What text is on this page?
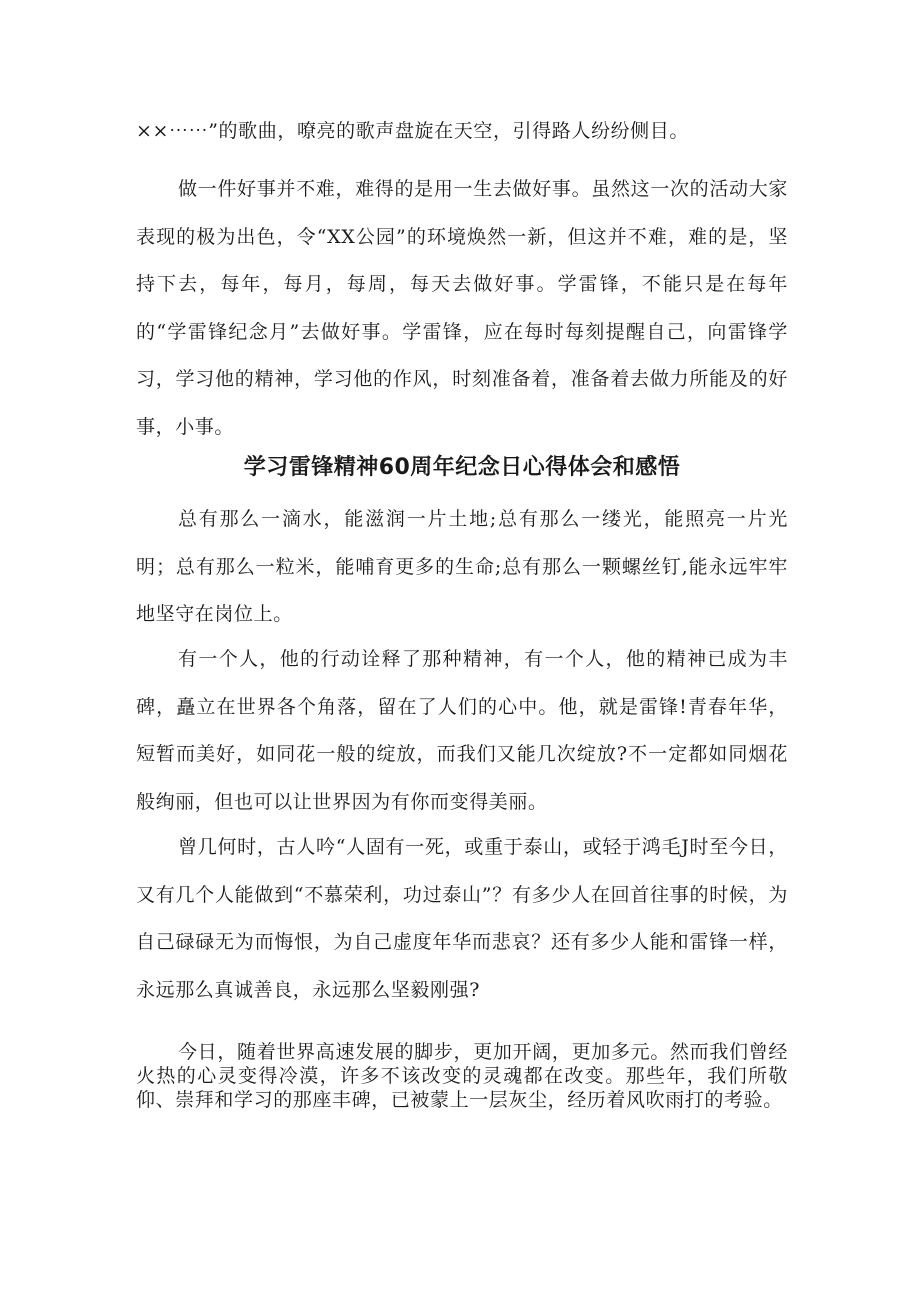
××⋯⋯”的歌曲，嘹亮的歌声盘旋在天空，引得路人纷纷侧目。

做一件好事并不难，难得的是用一生去做好事。虽然这一次的活动大家表现的极为出色，令“XX公园”的环境焕然一新，但这并不难，难的是，坚持下去，每年，每月，每周，每天去做好事。学雷锋，不能只是在每年的“学雷锋纪念月”去做好事。学雷锋，应在每时每刻提醒自己，向雷锋学习，学习他的精神，学习他的作风，时刻准备着，准备着去做力所能及的好事，小事。

学习雷锋精神60周年纪念日心得体会和感悟

总有那么一滴水，能滋润一片土地;总有那么一缕光，能照亮一片光明；总有那么一粒米，能哺育更多的生命;总有那么一颗螺丝钉,能永远牢牢地坚守在岗位上。

有一个人，他的行动诠释了那种精神，有一个人，他的精神已成为丰碑，矗立在世界各个角落，留在了人们的心中。他，就是雷锋!青春年华，短暂而美好，如同花一般的绽放，而我们又能几次绽放?不一定都如同烟花般绚丽，但也可以让世界因为有你而变得美丽。

曾几何时，古人吟“人固有一死，或重于泰山，或轻于鸿毛J时至今日，又有几个人能做到“不慕荣利，功过泰山”？有多少人在回首往事的时候，为自己碌碌无为而悔恨，为自己虚度年华而悲哀？还有多少人能和雷锋一样，永远那么真诚善良，永远那么坚毅刚强?

今日，随着世界高速发展的脚步，更加开阔，更加多元。然而我们曾经火热的心灵变得冷漠，许多不该改变的灵魂都在改变。那些年，我们所敬仰、崇拜和学习的那座丰碑，已被蒙上一层灰尘，经历着风吹雨打的考验。
